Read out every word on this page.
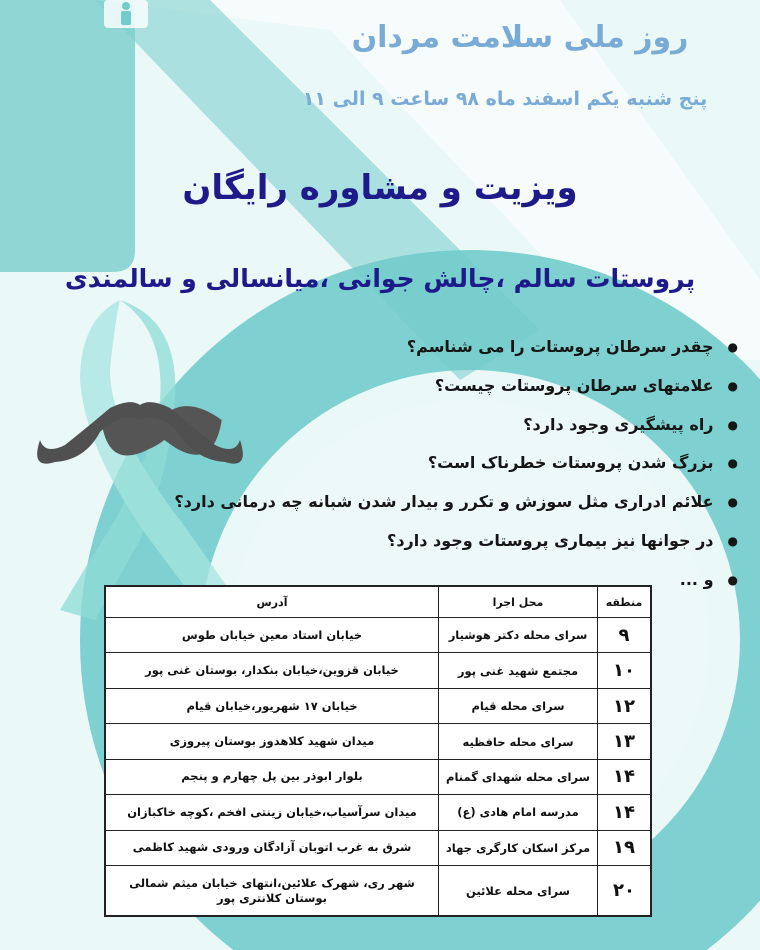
روز ملی سلامت مردان
پنج شنبه یکم اسفند ماه ۹۸ ساعت ۹ الی ۱۱
ویزیت و مشاوره رایگان
پروستات سالم ،چالش جوانی ،میانسالی و سالمندی
● چقدر سرطان پروستات را می شناسم؟
● علامتهای سرطان پروستات چیست؟
● راه پیشگیری وجود دارد؟
● بزرگ شدن پروستات خطرناک است؟
● علائم ادراری مثل سوزش و تکرر و بیدار شدن شبانه چه درمانی دارد؟
● در جوانها نیز بیماری پروستات وجود دارد؟
● و ...
منطقه	محل اجرا	آدرس
۹	سرای محله دکتر هوشیار	خیابان استاد معین خیابان طوس
۱۰	مجتمع شهید غنی پور	خیابان قزوین،خیابان بنکدار، بوستان غنی پور
۱۲	سرای محله قیام	خیابان ۱۷ شهریور،خیابان قیام
۱۳	سرای محله حافظیه	میدان شهید کلاهدوز بوستان پیروزی
۱۴	سرای محله شهدای گمنام	بلوار ابوذر بین پل چهارم و پنجم
۱۴	مدرسه امام هادی (ع)	میدان سرآسیاب،خیابان زینتی افخم ،کوچه خاکبازان
۱۹	مرکز اسکان کارگری جهاد	شرق به غرب اتوبان آزادگان ورودی شهید کاظمی
۲۰	سرای محله علائین	شهر ری، شهرک علائین،انتهای خیابان میثم شمالی بوستان کلانتری پور
